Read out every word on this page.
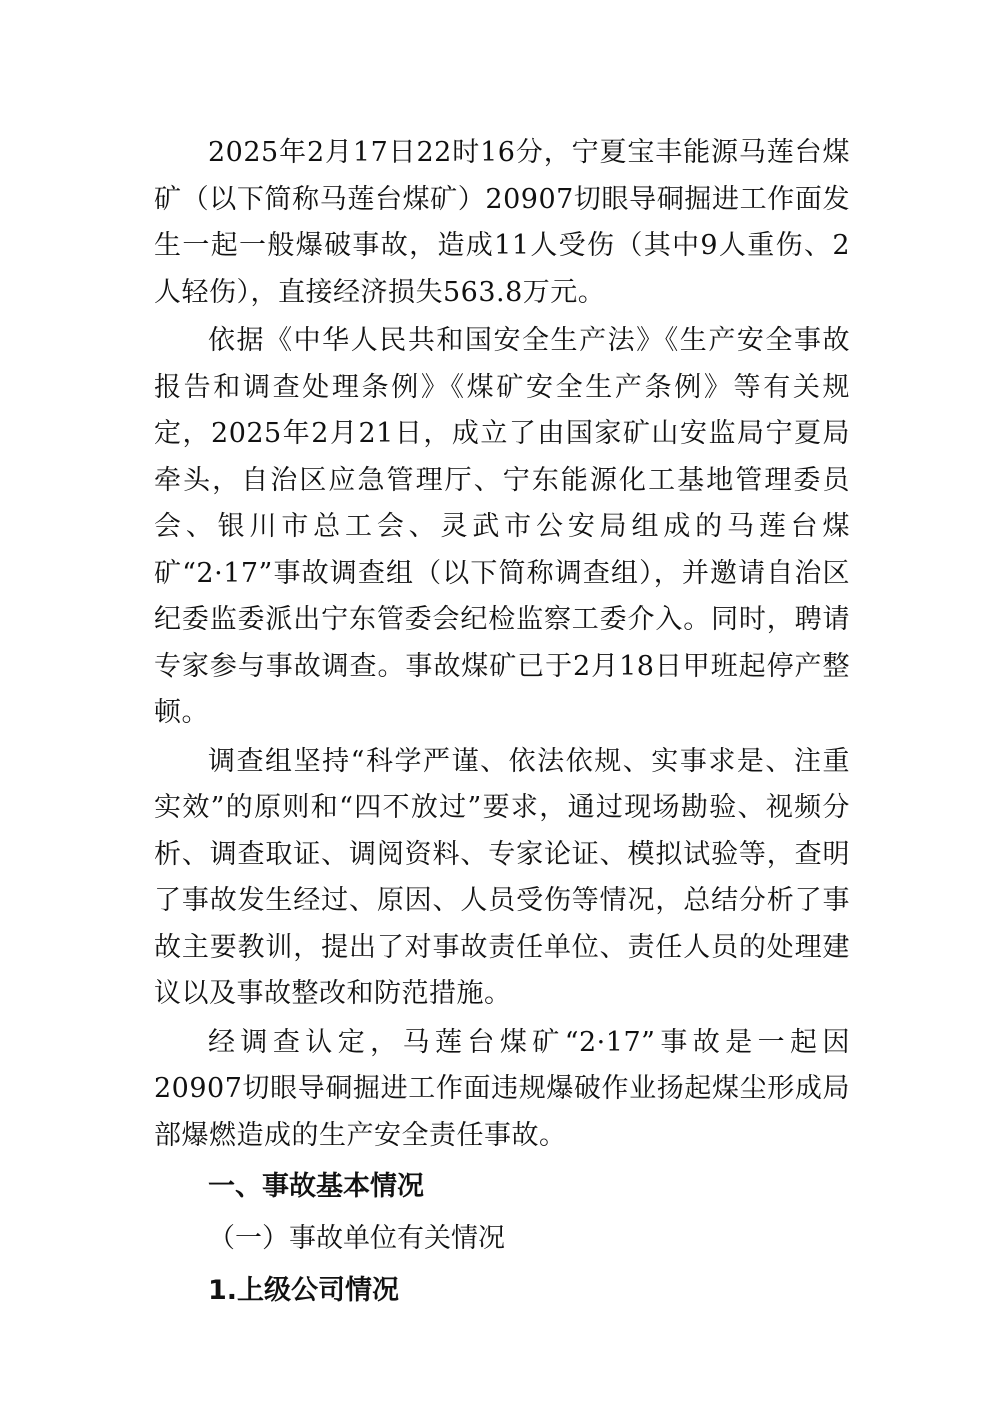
2025年2月17日22时16分，宁夏宝丰能源马莲台煤矿（以下简称马莲台煤矿）20907切眼导硐掘进工作面发生一起一般爆破事故，造成11人受伤（其中9人重伤、2人轻伤），直接经济损失563.8万元。

依据《中华人民共和国安全生产法》《生产安全事故报告和调查处理条例》《煤矿安全生产条例》等有关规定，2025年2月21日，成立了由国家矿山安监局宁夏局牵头，自治区应急管理厅、宁东能源化工基地管理委员会、银川市总工会、灵武市公安局组成的马莲台煤矿“2·17”事故调查组（以下简称调查组），并邀请自治区纪委监委派出宁东管委会纪检监察工委介入。同时，聘请专家参与事故调查。事故煤矿已于2月18日甲班起停产整顿。

调查组坚持“科学严谨、依法依规、实事求是、注重实效”的原则和“四不放过”要求，通过现场勘验、视频分析、调查取证、调阅资料、专家论证、模拟试验等，查明了事故发生经过、原因、人员受伤等情况，总结分析了事故主要教训，提出了对事故责任单位、责任人员的处理建议以及事故整改和防范措施。

经调查认定，马莲台煤矿“2·17”事故是一起因20907切眼导硐掘进工作面违规爆破作业扬起煤尘形成局部爆燃造成的生产安全责任事故。

一、事故基本情况
（一）事故单位有关情况
1.上级公司情况
